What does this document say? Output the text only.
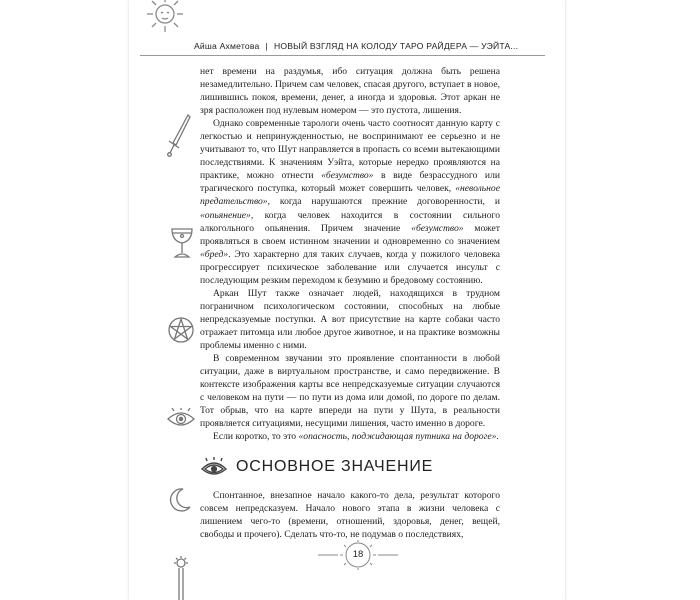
Айша Ахметова | НОВЫЙ ВЗГЛЯД НА КОЛОДУ ТАРО РАЙДЕРА — УЭЙТА...

нет времени на раздумья, ибо ситуация должна быть решена незамедлительно. Причем сам человек, спасая другого, вступает в новое, лишившись покоя, времени, денег, а иногда и здоровья. Этот аркан не зря расположен под нулевым номером — это пустота, лишения.

Однако современные тарологи очень часто соотносят данную карту с легкостью и непринужденностью, не воспринимают ее серьезно и не учитывают то, что Шут направляется в пропасть со всеми вытекающими последствиями. К значениям Уэйта, которые нередко проявляются на практике, можно отнести «безумство» в виде безрассудного или трагического поступка, который может совершить человек, «невольное предательство», когда нарушаются прежние договоренности, и «опьянение», когда человек находится в состоянии сильного алкогольного опьянения. Причем значение «безумство» может проявляться в своем истинном значении и одновременно со значением «бред». Это характерно для таких случаев, когда у пожилого человека прогрессирует психическое заболевание или случается инсульт с последующим резким переходом к безумию и бредовому состоянию.

Аркан Шут также означает людей, находящихся в трудном пограничном психологическом состоянии, способных на любые непредсказуемые поступки. А вот присутствие на карте собаки часто отражает питомца или любое другое животное, и на практике возможны проблемы именно с ними.

В современном звучании это проявление спонтанности в любой ситуации, даже в виртуальном пространстве, и само передвижение. В контексте изображения карты все непредсказуемые ситуации случаются с человеком на пути — по пути из дома или домой, по дороге по делам. Тот обрыв, что на карте впереди на пути у Шута, в реальности проявляется ситуациями, несущими лишения, часто именно в дороге.

Если коротко, то это «опасность, поджидающая путника на дороге».

ОСНОВНОЕ ЗНАЧЕНИЕ

Спонтанное, внезапное начало какого-то дела, результат которого совсем непредсказуем. Начало нового этапа в жизни человека с лишением чего-то (времени, отношений, здоровья, денег, вещей, свободы и прочего). Сделать что-то, не подумав о последствиях,

18
